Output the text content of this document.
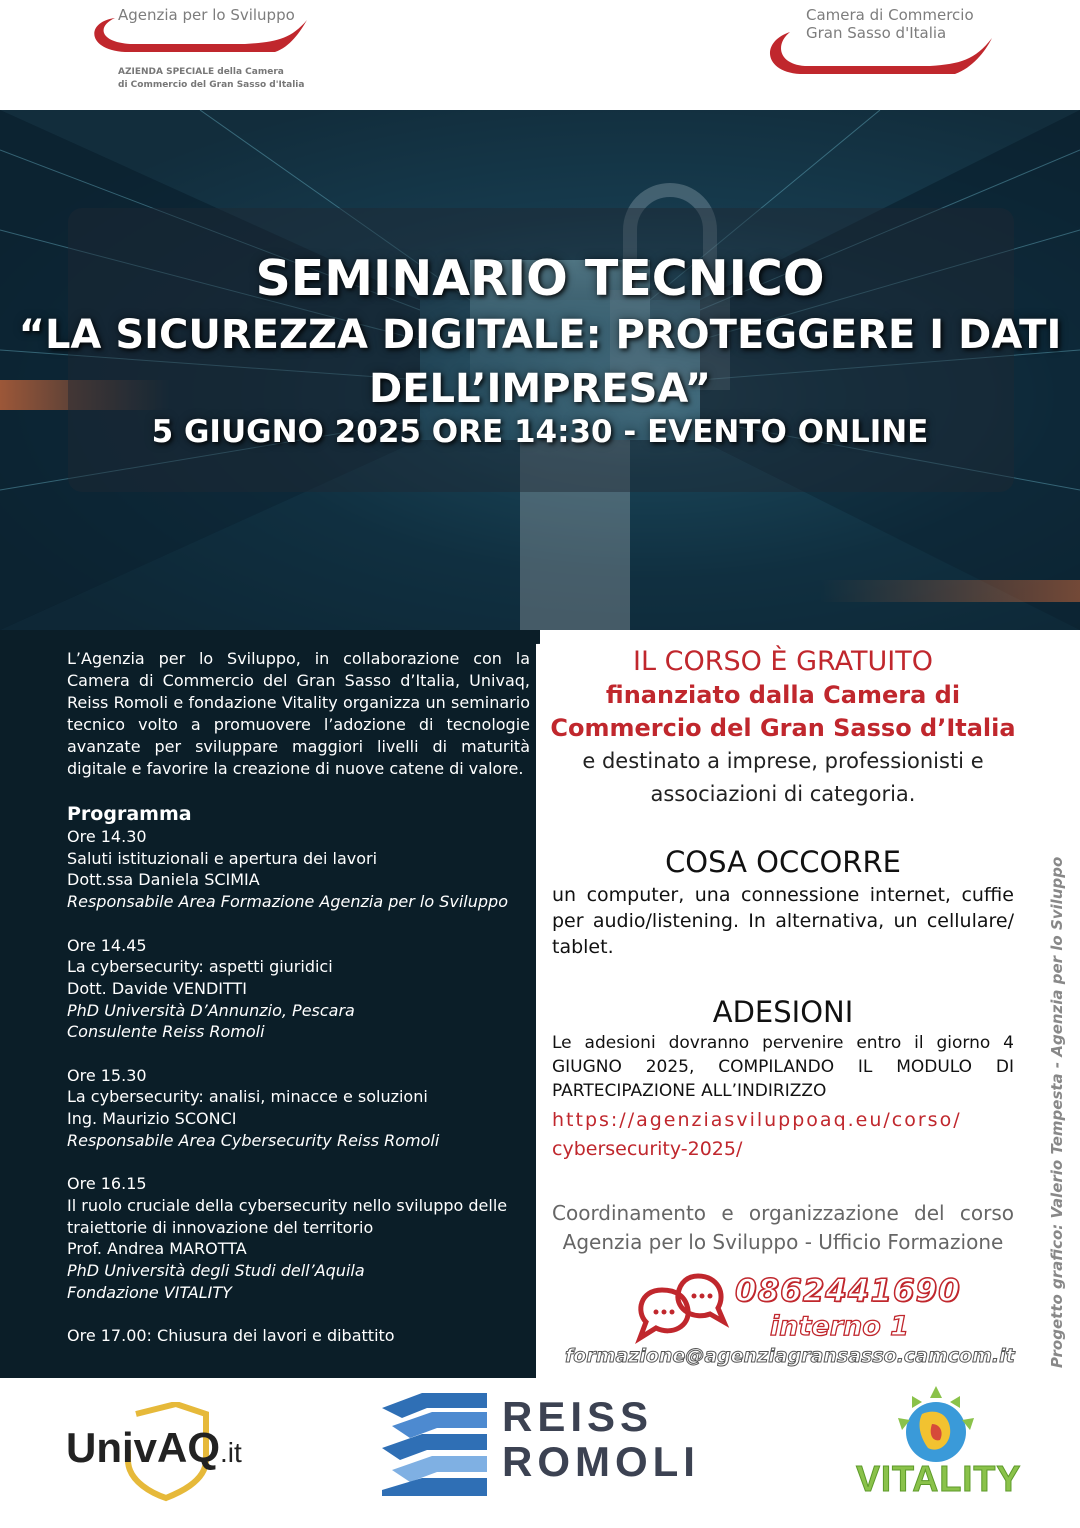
Agenzia per lo Sviluppo
AZIENDA SPECIALE della Camera
di Commercio del Gran Sasso d'Italia
Camera di Commercio
Gran Sasso d'Italia
SEMINARIO TECNICO
“LA SICUREZZA DIGITALE: PROTEGGERE I DATI
DELL’IMPRESA”

5 GIUGNO 2025 ORE 14:30 - EVENTO ONLINE

L’Agenzia per lo Sviluppo, in collaborazione con la Camera di Commercio del Gran Sasso d’Italia, Univaq, Reiss Romoli e fondazione Vitality organizza un seminario tecnico volto a promuovere l’adozione di tecnologie avanzate per sviluppare maggiori livelli di maturità digitale e favorire la creazione di nuove catene di valore.

Programma

Ore 14.30
Saluti istituzionali e apertura dei lavori
Dott.ssa Daniela SCIMIA
Responsabile Area Formazione Agenzia per lo Sviluppo
Ore 14.45
La cybersecurity: aspetti giuridici
Dott. Davide VENDITTI
PhD Università D’Annunzio, Pescara
Consulente Reiss Romoli
Ore 15.30
La cybersecurity: analisi, minacce e soluzioni
Ing. Maurizio SCONCI
Responsabile Area Cybersecurity Reiss Romoli
Ore 16.15
Il ruolo cruciale della cybersecurity nello sviluppo delle
traiettorie di innovazione del territorio
Prof. Andrea MAROTTA
PhD Università degli Studi dell’Aquila
Fondazione VITALITY
Ore 17.00: Chiusura dei lavori e dibattito

IL CORSO È GRATUITO
finanziato dalla Camera di
Commercio del Gran Sasso d’Italia
e destinato a imprese, professionisti e
associazioni di categoria.

COSA OCCORRE

un computer, una connessione internet, cuffie per audio/listening. In alternativa, un cellulare/ tablet.

ADESIONI

Le adesioni dovranno pervenire entro il giorno 4 GIUGNO 2025, COMPILANDO IL MODULO DI PARTECIPAZIONE ALL’INDIRIZZO

https://agenziasviluppoaq.eu/corso/
cybersecurity-2025/

Coordinamento e organizzazione del corso
Agenzia per lo Sviluppo - Ufficio Formazione

0862441690

interno 1

formazione@agenziagransasso.camcom.it Progetto grafico: Valerio Tempesta - Agenzia per lo Sviluppo

UnivAQ.it
REISS
ROMOLI	VITALITY
